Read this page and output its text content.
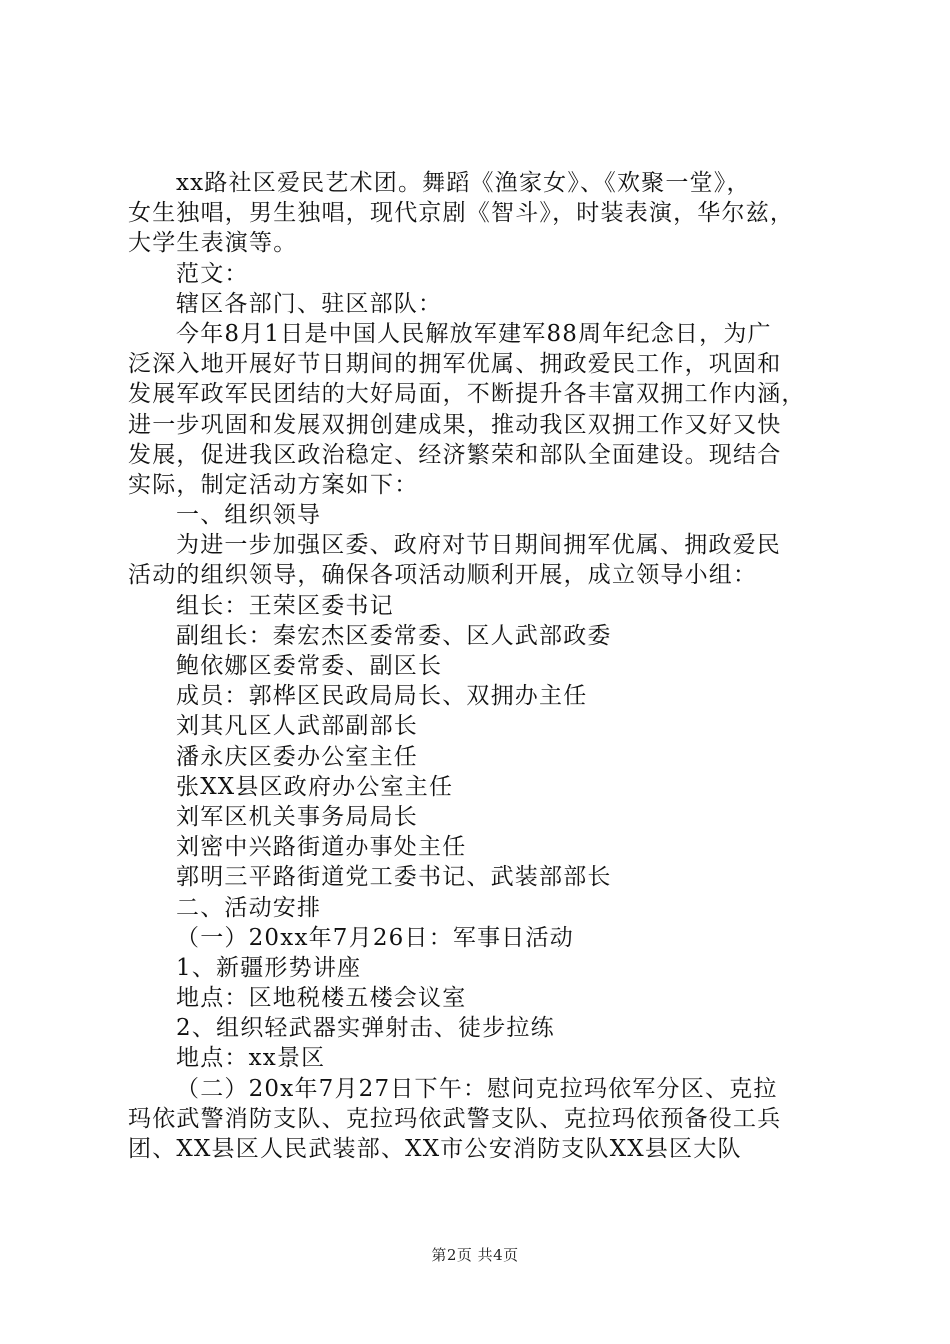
xx路社区爱民艺术团。舞蹈《渔家女》、《欢聚一堂》，
女生独唱，男生独唱，现代京剧《智斗》，时装表演，华尔兹，
大学生表演等。
范文：
辖区各部门、驻区部队：
今年8月1日是中国人民解放军建军88周年纪念日，为广
泛深入地开展好节日期间的拥军优属、拥政爱民工作，巩固和
发展军政军民团结的大好局面，不断提升各丰富双拥工作内涵，
进一步巩固和发展双拥创建成果，推动我区双拥工作又好又快
发展，促进我区政治稳定、经济繁荣和部队全面建设。现结合
实际，制定活动方案如下：
一、组织领导
为进一步加强区委、政府对节日期间拥军优属、拥政爱民
活动的组织领导，确保各项活动顺利开展，成立领导小组：
组长：王荣区委书记
副组长：秦宏杰区委常委、区人武部政委
鲍依娜区委常委、副区长
成员：郭桦区民政局局长、双拥办主任
刘其凡区人武部副部长
潘永庆区委办公室主任
张XX县区政府办公室主任
刘军区机关事务局局长
刘密中兴路街道办事处主任
郭明三平路街道党工委书记、武装部部长
二、活动安排
（一）20xx年7月26日：军事日活动
1、新疆形势讲座
地点：区地税楼五楼会议室
2、组织轻武器实弹射击、徒步拉练
地点：xx景区
（二）20x年7月27日下午：慰问克拉玛依军分区、克拉
玛依武警消防支队、克拉玛依武警支队、克拉玛依预备役工兵
团、XX县区人民武装部、XX市公安消防支队XX县区大队
第2页 共4页
